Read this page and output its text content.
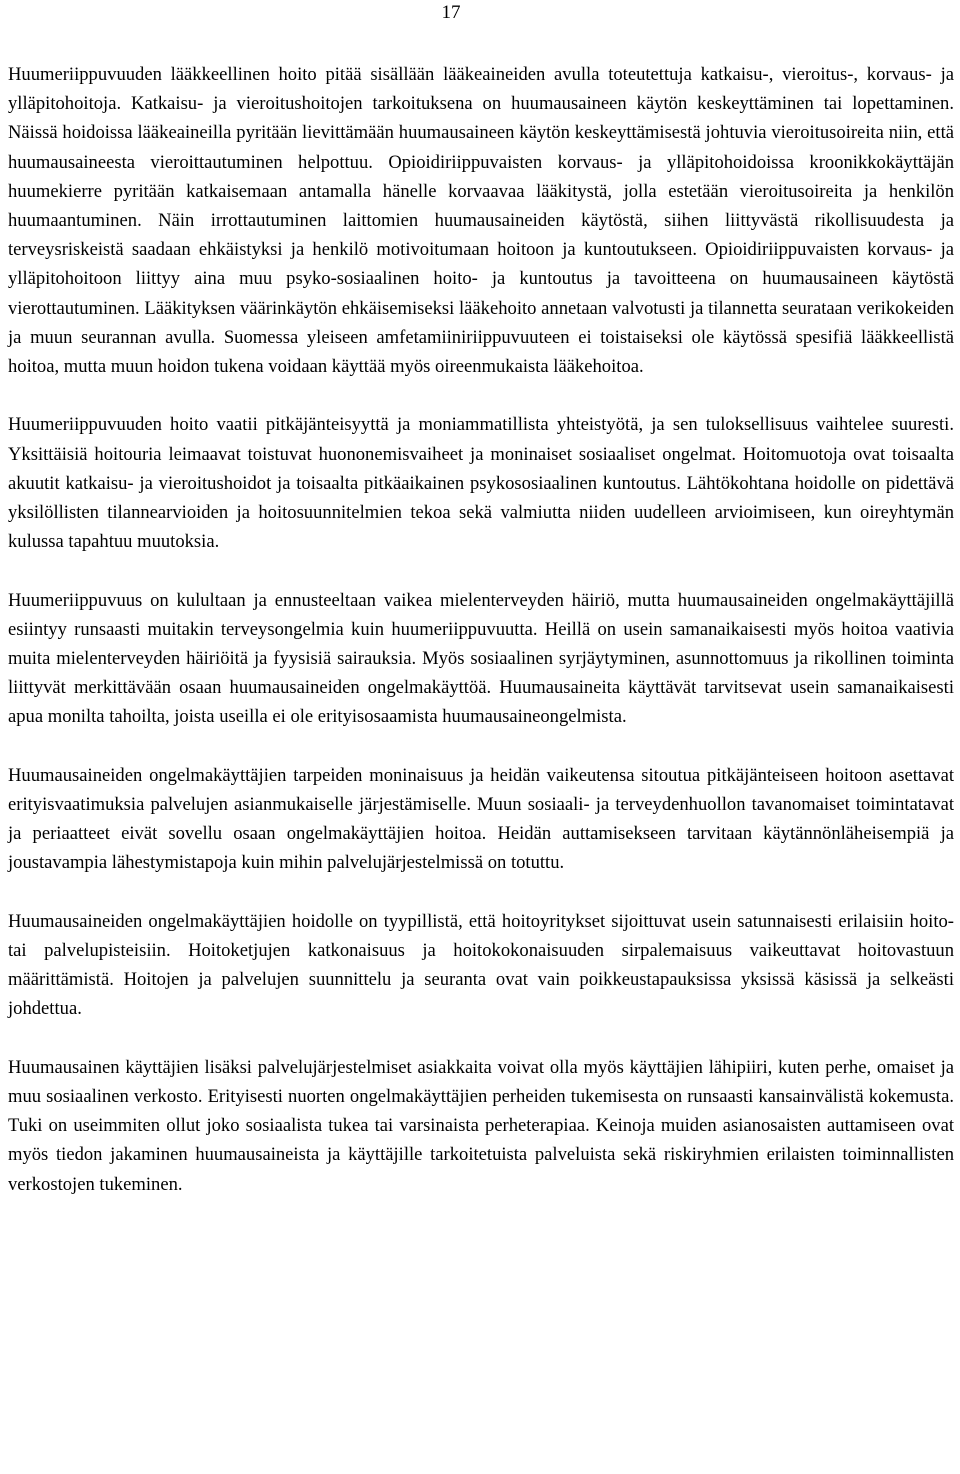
17

Huumeriippuvuuden lääkkeellinen hoito pitää sisällään lääkeaineiden avulla toteutettuja katkaisu-, vieroitus-, korvaus- ja ylläpitohoitoja. Katkaisu- ja vieroitushoitojen tarkoituksena on huumausaineen käytön keskeyttäminen tai lopettaminen. Näissä hoidoissa lääkeaineilla pyritään lievittämään huumausaineen käytön keskeyttämisestä johtuvia vieroitusoireita niin, että huumausaineesta vieroittautuminen helpottuu. Opioidiriippuvaisten korvaus- ja ylläpitohoidoissa kroonikkokäyttäjän huumekierre pyritään katkaisemaan antamalla hänelle korvaavaa lääkitystä, jolla estetään vieroitusoireita ja henkilön huumaantuminen. Näin irrottautuminen laittomien huumausaineiden käytöstä, siihen liittyvästä rikollisuudesta ja terveysriskeistä saadaan ehkäistyksi ja henkilö motivoitumaan hoitoon ja kuntoutukseen. Opioidiriippuvaisten korvaus- ja ylläpitohoitoon liittyy aina muu psyko-sosiaalinen hoito- ja kuntoutus ja tavoitteena on huumausaineen käytöstä vierottautuminen. Lääkityksen väärinkäytön ehkäisemiseksi lääkehoito annetaan valvotusti ja tilannetta seurataan verikokeiden ja muun seurannan avulla. Suomessa yleiseen amfetamiiniriippuvuuteen ei toistaiseksi ole käytössä spesifiä lääkkeellistä hoitoa, mutta muun hoidon tukena voidaan käyttää myös oireenmukaista lääkehoitoa.

Huumeriippuvuuden hoito vaatii pitkäjänteisyyttä ja moniammatillista yhteistyötä, ja sen tuloksellisuus vaihtelee suuresti. Yksittäisiä hoitouria leimaavat toistuvat huononemisvaiheet ja moninaiset sosiaaliset ongelmat. Hoitomuotoja ovat toisaalta akuutit katkaisu- ja vieroitushoidot ja toisaalta pitkäaikainen psykososiaalinen kuntoutus. Lähtökohtana hoidolle on pidettävä yksilöllisten tilannearvioiden ja hoitosuunnitelmien tekoa sekä valmiutta niiden uudelleen arvioimiseen, kun oireyhtymän kulussa tapahtuu muutoksia.

Huumeriippuvuus on kulultaan ja ennusteeltaan vaikea mielenterveyden häiriö, mutta huumausaineiden ongelmakäyttäjillä esiintyy runsaasti muitakin terveysongelmia kuin huumeriippuvuutta. Heillä on usein samanaikaisesti myös hoitoa vaativia muita mielenterveyden häiriöitä ja fyysisiä sairauksia. Myös sosiaalinen syrjäytyminen, asunnottomuus ja rikollinen toiminta liittyvät merkittävään osaan huumausaineiden ongelmakäyttöä. Huumausaineita käyttävät tarvitsevat usein samanaikaisesti apua monilta tahoilta, joista useilla ei ole erityisosaamista huumausaineongelmista.

Huumausaineiden ongelmakäyttäjien tarpeiden moninaisuus ja heidän vaikeutensa sitoutua pitkäjänteiseen hoitoon asettavat erityisvaatimuksia palvelujen asianmukaiselle järjestämiselle. Muun sosiaali- ja terveydenhuollon tavanomaiset toimintatavat ja periaatteet eivät sovellu osaan ongelmakäyttäjien hoitoa. Heidän auttamisekseen tarvitaan käytännönläheisempiä ja joustavampia lähestymistapoja kuin mihin palvelujärjestelmissä on totuttu.

Huumausaineiden ongelmakäyttäjien hoidolle on tyypillistä, että hoitoyritykset sijoittuvat usein satunnaisesti erilaisiin hoito- tai palvelupisteisiin. Hoitoketjujen katkonaisuus ja hoitokokonaisuuden sirpalemaisuus vaikeuttavat hoitovastuun määrittämistä. Hoitojen ja palvelujen suunnittelu ja seuranta ovat vain poikkeustapauksissa yksissä käsissä ja selkeästi johdettua.

Huumausainen käyttäjien lisäksi palvelujärjestelmiset asiakkaita voivat olla myös käyttäjien lähipiiri, kuten perhe, omaiset ja muu sosiaalinen verkosto. Erityisesti nuorten ongelmakäyttäjien perheiden tukemisesta on runsaasti kansainvälistä kokemusta. Tuki on useimmiten ollut joko sosiaalista tukea tai varsinaista perheterapiaa. Keinoja muiden asianosaisten auttamiseen ovat myös tiedon jakaminen huumausaineista ja käyttäjille tarkoitetuista palveluista sekä riskiryhmien erilaisten toiminnallisten verkostojen tukeminen.
